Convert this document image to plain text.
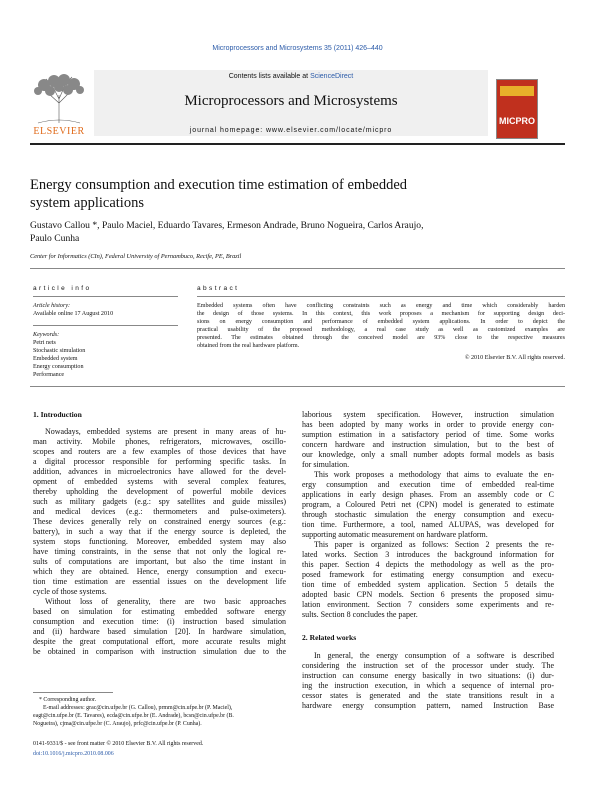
Microprocessors and Microsystems 35 (2011) 426–440
ELSEVIER
Contents lists available at ScienceDirect
Microprocessors and Microsystems
journal homepage: www.elsevier.com/locate/micpro
MICPRO
Energy consumption and execution time estimation of embedded
system applications
Gustavo Callou *, Paulo Maciel, Eduardo Tavares, Ermeson Andrade, Bruno Nogueira, Carlos Araujo,
Paulo Cunha
Center for Informatics (CIn), Federal University of Pernambuco, Recife, PE, Brazil
a r t i c l e   i n f o
Article history:
Available online 17 August 2010
Keywords:
Petri nets
Stochastic simulation
Embedded system
Energy consumption
Performance
a b s t r a c t
Embedded systems often have conflicting constraints such as energy and time which considerably harden
the design of those systems. In this context, this work proposes a mechanism for supporting design deci-
sions on energy consumption and performance of embedded system applications. In order to depict the
practical usability of the proposed methodology, a real case study as well as customized examples are
presented. The estimates obtained through the conceived model are 93% close to the respective measures
obtained from the real hardware platform.
© 2010 Elsevier B.V. All rights reserved.
1. Introduction
Nowadays, embedded systems are present in many areas of hu-
man activity. Mobile phones, refrigerators, microwaves, oscillo-
scopes and routers are a few examples of those devices that have
a digital processor responsible for performing specific tasks. In
addition, advances in microelectronics have allowed for the devel-
opment of embedded systems with several complex features,
thereby upholding the development of powerful mobile devices
such as military gadgets (e.g.: spy satellites and guide missiles)
and medical devices (e.g.: thermometers and pulse-oximeters).
These devices generally rely on constrained energy sources (e.g.:
battery), in such a way that if the energy source is depleted, the
system stops functioning. Moreover, embedded system may also
have timing constraints, in the sense that not only the logical re-
sults of computations are important, but also the time instant in
which they are obtained. Hence, energy consumption and execu-
tion time estimation are essential issues on the development life
cycle of those systems.
Without loss of generality, there are two basic approaches
based on simulation for estimating embedded software energy
consumption and execution time: (i) instruction based simulation
and (ii) hardware based simulation [20]. In hardware simulation,
despite the great computational effort, more accurate results might
be obtained in comparison with instruction simulation due to the
laborious system specification. However, instruction simulation
has been adopted by many works in order to provide energy con-
sumption estimation in a satisfactory period of time. Some works
concern hardware and instruction simulation, but to the best of
our knowledge, only a small number adopts formal models as basis
for simulation.
This work proposes a methodology that aims to evaluate the en-
ergy consumption and execution time of embedded real-time
applications in early design phases. From an assembly code or C
program, a Coloured Petri net (CPN) model is generated to estimate
through stochastic simulation the energy consumption and execu-
tion time. Furthermore, a tool, named ALUPAS, was developed for
supporting automatic measurement on hardware platform.
This paper is organized as follows: Section 2 presents the re-
lated works. Section 3 introduces the background information for
this paper. Section 4 depicts the methodology as well as the pro-
posed framework for estimating energy consumption and execu-
tion time of embedded system application. Section 5 details the
adopted basic CPN models. Section 6 presents the proposed simu-
lation environment. Section 7 considers some experiments and re-
sults. Section 8 concludes the paper.
2. Related works
In general, the energy consumption of a software is described
considering the instruction set of the processor under study. The
instruction can consume energy basically in two situations: (i) dur-
ing the instruction execution, in which a sequence of internal pro-
cessor states is generated and the state transitions result in a
hardware energy consumption pattern, named Instruction Base
* Corresponding author.
E-mail addresses: grac@cin.ufpe.br (G. Callou), prmm@cin.ufpe.br (P. Maciel),
eagt@cin.ufpe.br (E. Tavares), ecda@cin.ufpe.br (E. Andrade), bcsn@cin.ufpe.br (B.
Nogueira), cjma@cin.ufpe.br (C. Araujo), prfc@cin.ufpe.br (P. Cunha).
0141-9331/$ - see front matter © 2010 Elsevier B.V. All rights reserved.
doi:10.1016/j.micpro.2010.08.006
